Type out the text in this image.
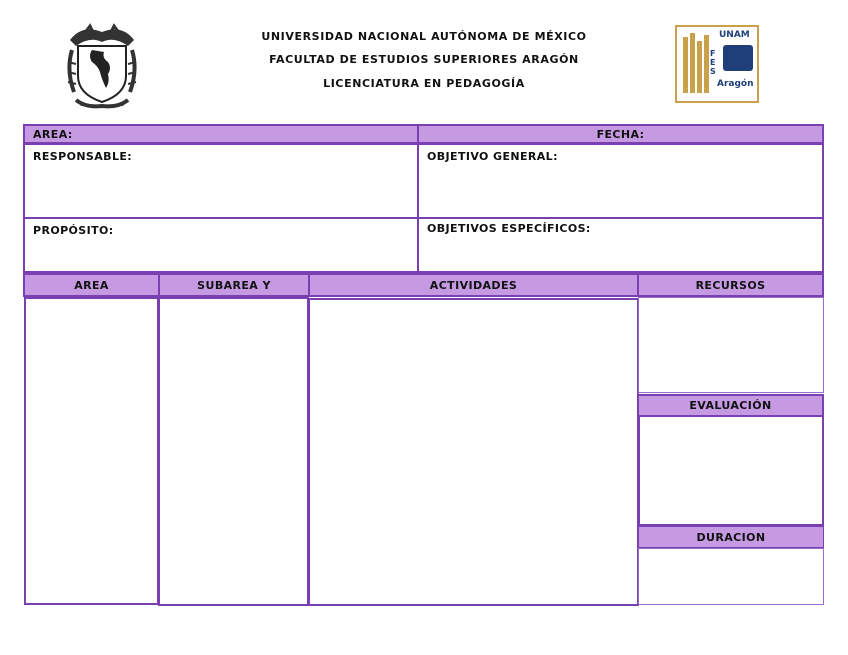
UNIVERSIDAD NACIONAL AUTÓNOMA DE MÉXICO
FACULTAD DE ESTUDIOS SUPERIORES ARAGÓN
LICENCIATURA EN PEDAGOGÍA
UNAM
FES
Aragón
AREA:	FECHA:
RESPONSABLE:	OBJETIVO GENERAL:
PROPÓSITO:	OBJETIVOS ESPECÍFICOS:
AREA	SUBAREA Y	ACTIVIDADES	RECURSOS
EVALUACIÓN
DURACION
